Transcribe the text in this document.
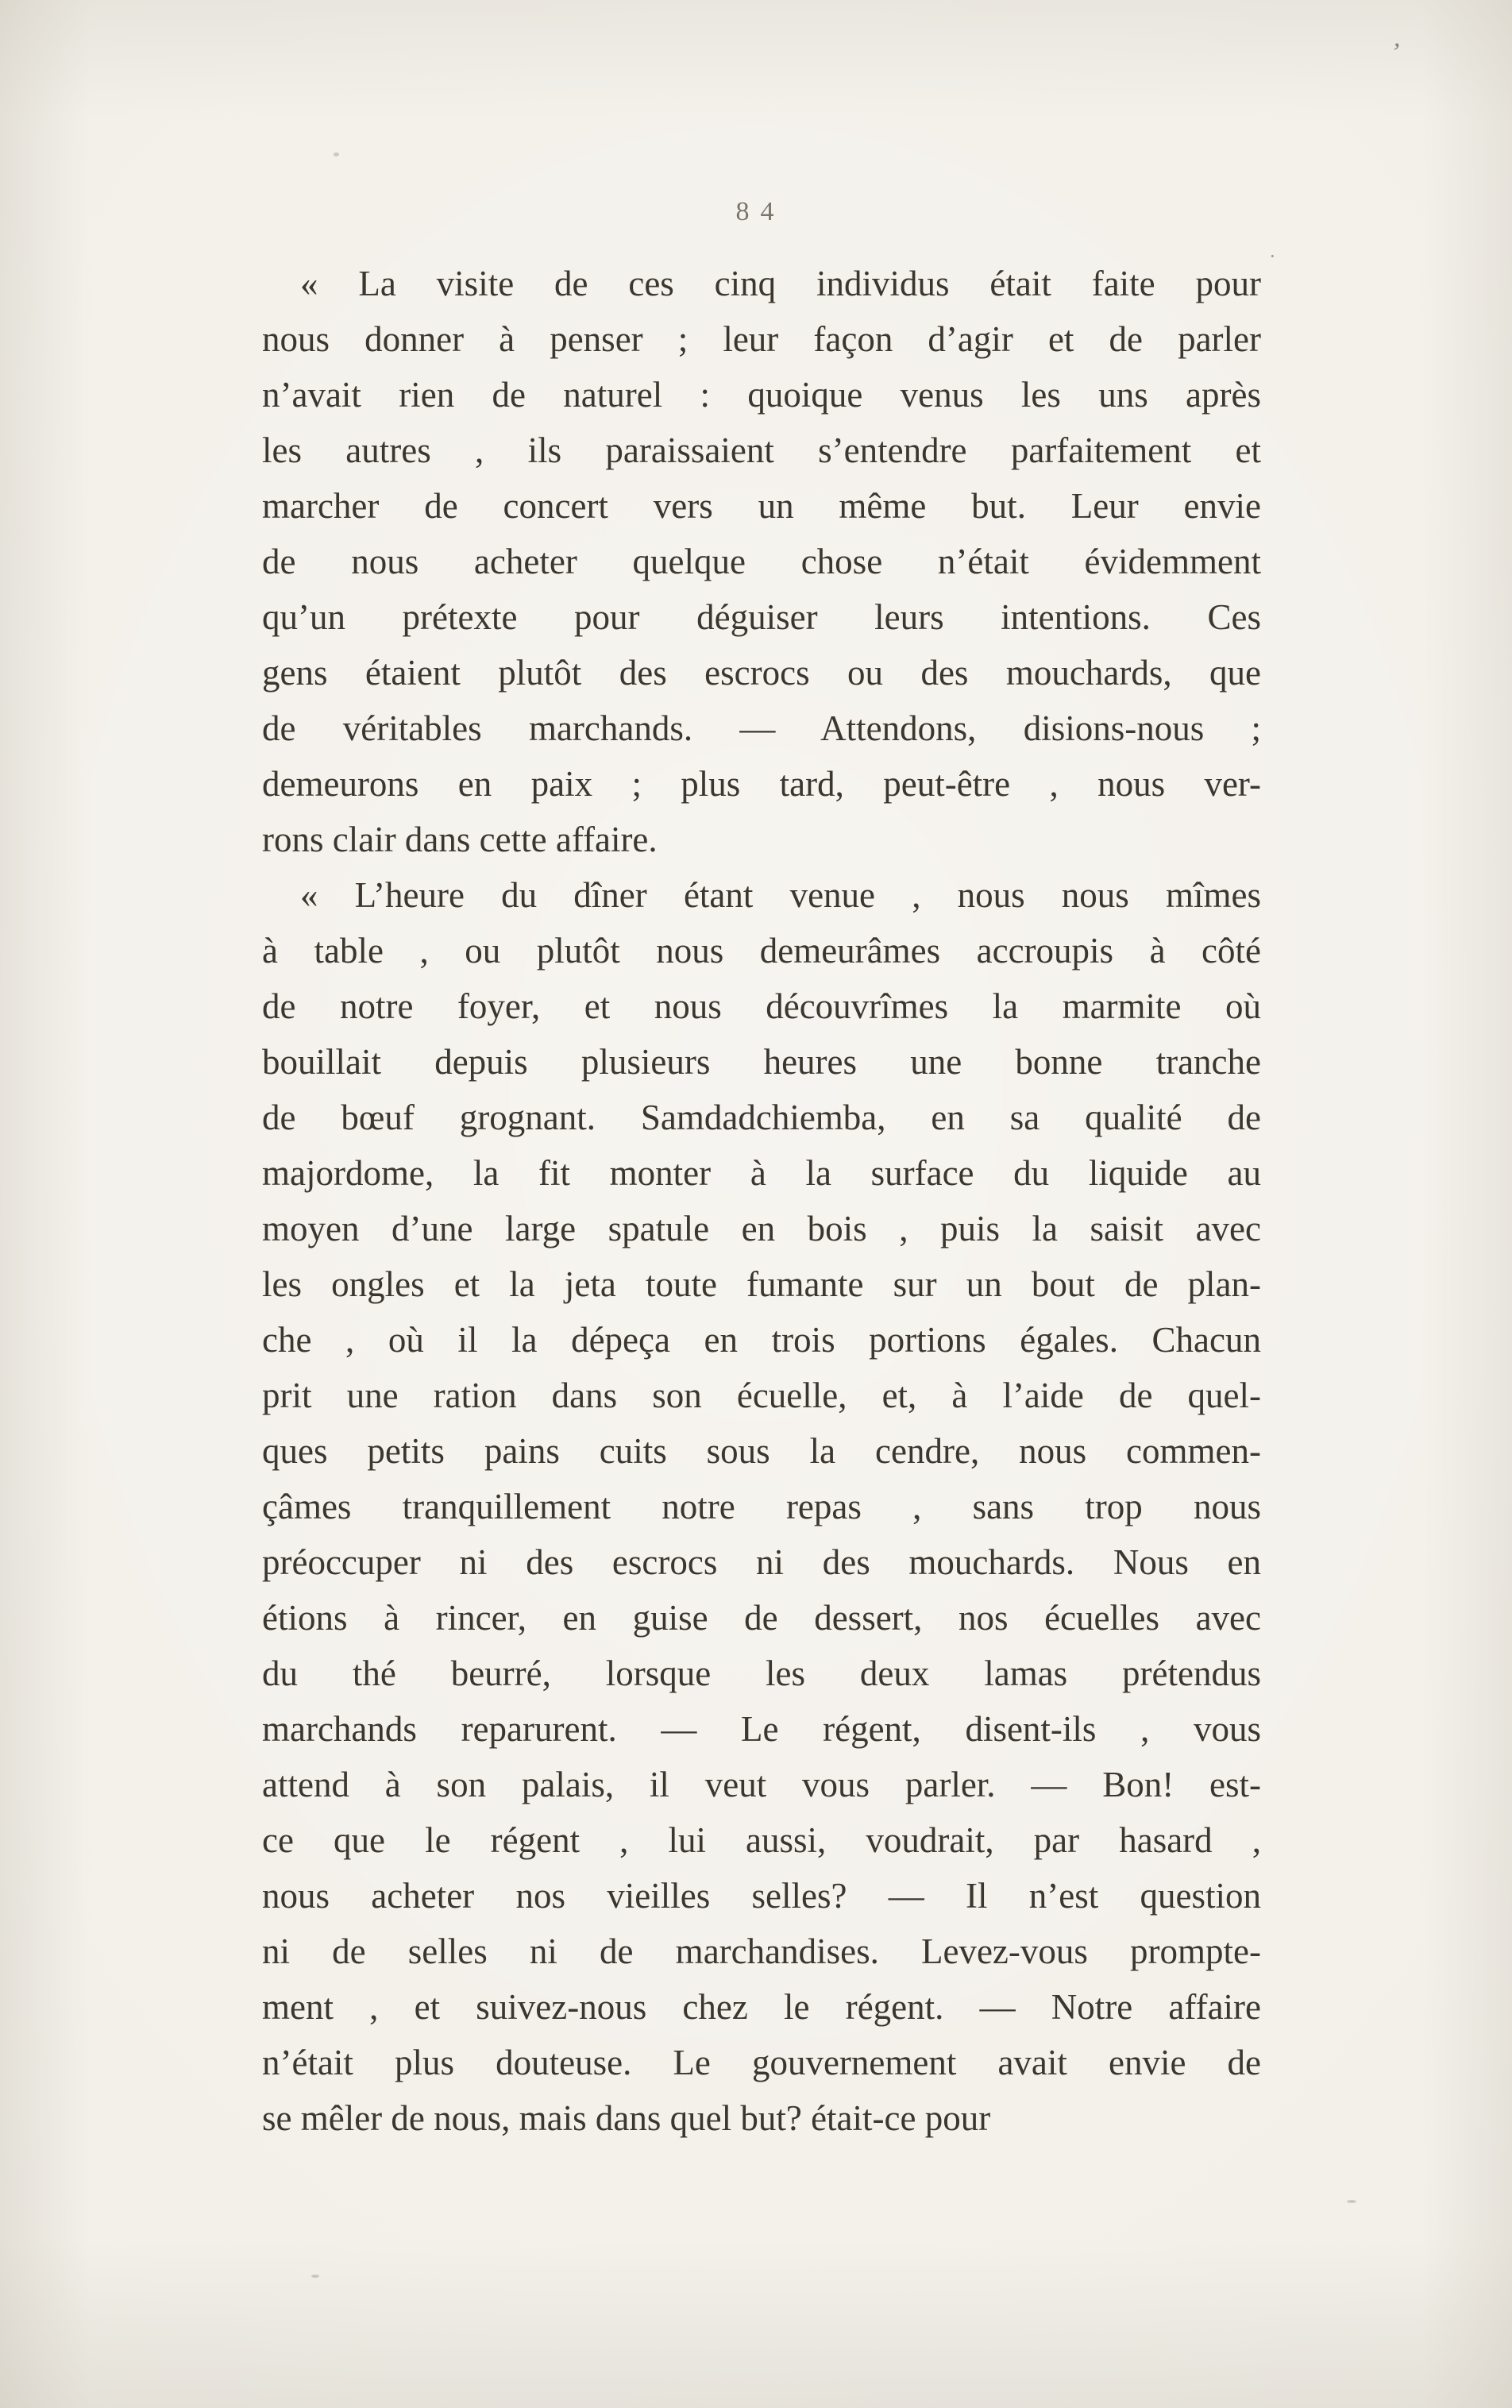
’
·
84
« La visite de ces cinq individus était faite pour
nous donner à penser ; leur façon d’agir et de parler
n’avait rien de naturel : quoique venus les uns après
les autres , ils paraissaient s’entendre parfaitement et
marcher de concert vers un même but. Leur envie
de nous acheter quelque chose n’était évidemment
qu’un prétexte pour déguiser leurs intentions. Ces
gens étaient plutôt des escrocs ou des mouchards, que
de véritables marchands. — Attendons, disions-nous ;
demeurons en paix ; plus tard, peut-être , nous ver-
rons clair dans cette affaire.
« L’heure du dîner étant venue , nous nous mîmes
à table , ou plutôt nous demeurâmes accroupis à côté
de notre foyer, et nous découvrîmes la marmite où
bouillait depuis plusieurs heures une bonne tranche
de bœuf grognant. Samdadchiemba, en sa qualité de
majordome, la fit monter à la surface du liquide au
moyen d’une large spatule en bois , puis la saisit avec
les ongles et la jeta toute fumante sur un bout de plan-
che , où il la dépeça en trois portions égales. Chacun
prit une ration dans son écuelle, et, à l’aide de quel-
ques petits pains cuits sous la cendre, nous commen-
çâmes tranquillement notre repas , sans trop nous
préoccuper ni des escrocs ni des mouchards. Nous en
étions à rincer, en guise de dessert, nos écuelles avec
du thé beurré, lorsque les deux lamas prétendus
marchands reparurent. — Le régent, disent-ils , vous
attend à son palais, il veut vous parler. — Bon! est-
ce que le régent , lui aussi, voudrait, par hasard ,
nous acheter nos vieilles selles? — Il n’est question
ni de selles ni de marchandises. Levez-vous prompte-
ment , et suivez-nous chez le régent. — Notre affaire
n’était plus douteuse. Le gouvernement avait envie de
se mêler de nous, mais dans quel but? était-ce pour
